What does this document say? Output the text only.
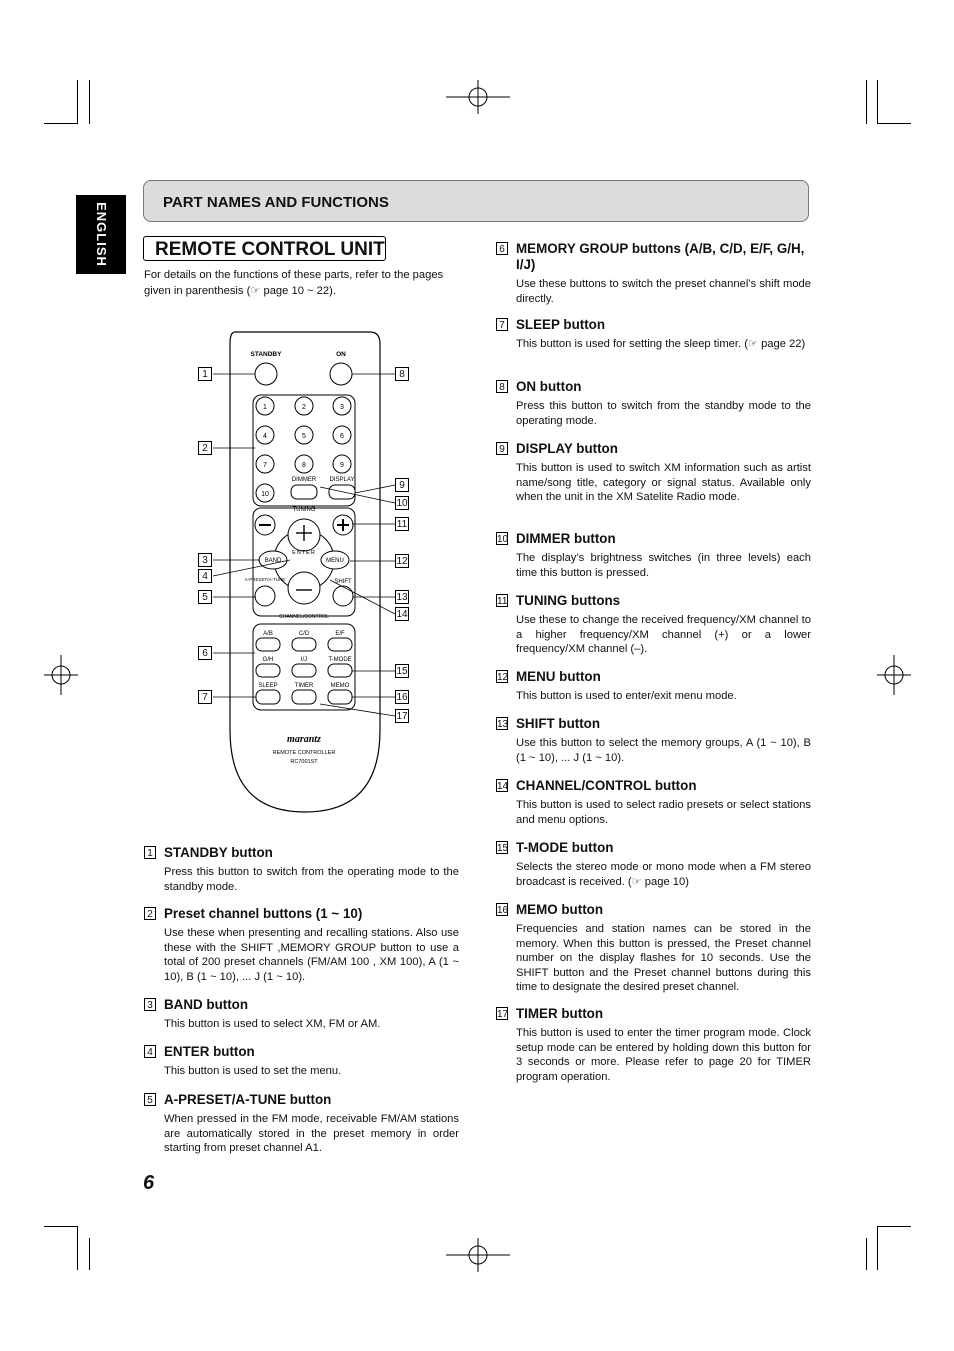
ENGLISH	PART NAMES AND FUNCTIONS
REMOTE CONTROL UNIT
For details on the functions of these parts, refer to the pages given in parenthesis (☞ page 10 ~ 22).
STANDBY	ON
1	2	3
4	5	6
7	8	9
DIMMER DISPLAY
10
TUNING
ENTER
BAND	MENU
A-PRESET/A-TUNE	SHIFT
CHANNEL/CONTROL
A/B	C/D	E/F
G/H	I/J	T-MODE
SLEEP	TIMER	MEMO
marantz
REMOTE CONTROLLER
RC7001ST
1
2
3
4
5
6
7
8
9
10
11
12
13
14
15
16
17
1 STANDBY button
Press this button to switch from the operating mode to the standby mode.
2 Preset channel buttons (1 ~ 10)
Use these when presenting and recalling stations. Also use these with the SHIFT ,MEMORY GROUP button to use a total of 200 preset channels (FM/AM 100 , XM 100), A (1 ~ 10), B (1 ~ 10), ... J (1 ~ 10).
3 BAND button
This button is used to select XM, FM or AM.
4 ENTER button
This button is used to set the menu.
5 A-PRESET/A-TUNE button
When pressed in the FM mode, receivable FM/AM stations are automatically stored in the preset memory in order starting from preset channel A1.
6 MEMORY GROUP buttons (A/B, C/D, E/F, G/H, I/J)
Use these buttons to switch the preset channel’s shift mode directly.
7 SLEEP button
This button is used for setting the sleep timer. (☞ page 22)
8 ON button
Press this button to switch from the standby mode to the operating mode.
9 DISPLAY button
This button is used to switch XM information such as artist name/song title, category or signal status. Available only when the unit in the XM Satelite Radio mode.
10 DIMMER button
The display’s brightness switches (in three levels) each time this button is pressed.
11 TUNING buttons
Use these to change the received frequency/XM channel to a higher frequency/XM channel (+) or a lower frequency/XM channel (–).
12 MENU button
This button is used to enter/exit menu mode.
13 SHIFT button
Use this button to select the memory groups, A (1 ~ 10), B (1 ~ 10), ... J (1 ~ 10).
14 CHANNEL/CONTROL button
This button is used to select radio presets or select stations and menu options.
15 T-MODE button
Selects the stereo mode or mono mode when a FM stereo broadcast is received. (☞ page 10)
16 MEMO button
Frequencies and station names can be stored in the memory. When this button is pressed, the Preset channel number on the display flashes for 10 seconds. Use the SHIFT button and the Preset channel buttons during this time to designate the desired preset channel.
17 TIMER button
This button is used to enter the timer program mode. Clock setup mode can be entered by holding down this button for 3 seconds or more. Please refer to page 20 for TIMER program operation.
6
